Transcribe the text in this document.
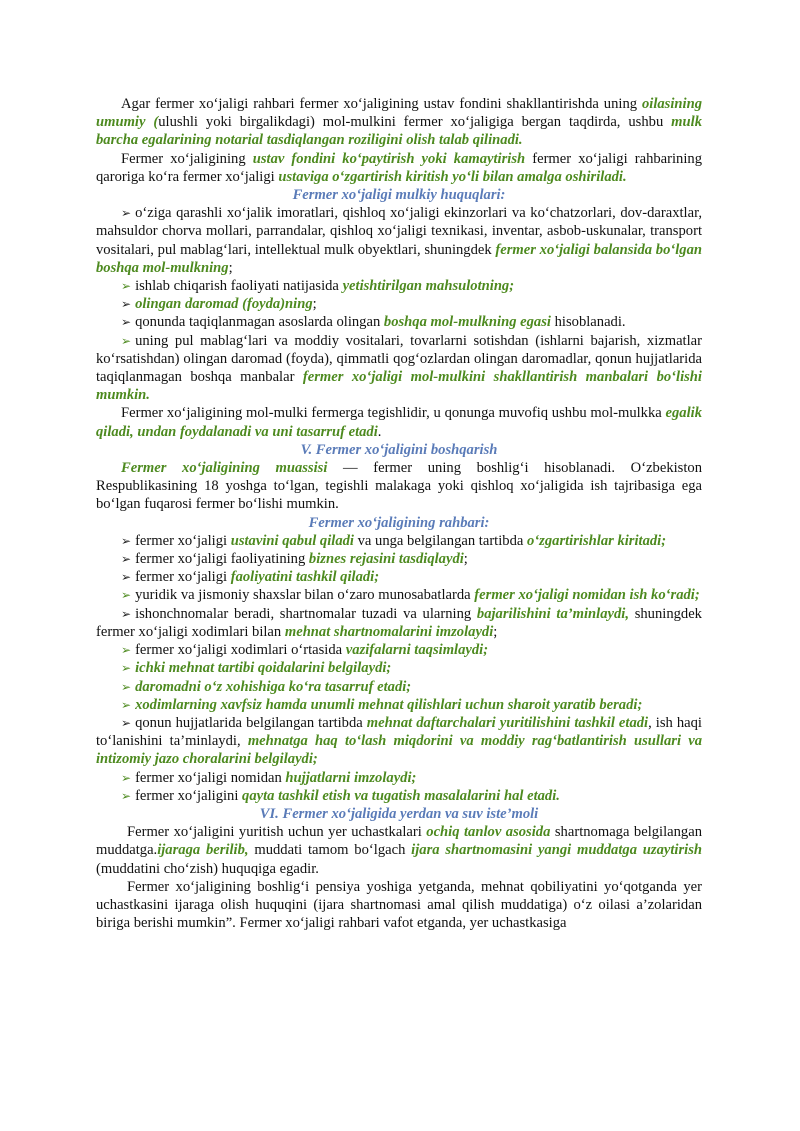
Agar fermer xo‘jaligi rahbari fermer xo‘jaligining ustav fondini shakllantirishda uning oilasining umumiy (ulushli yoki birgalikdagi) mol-mulkini fermer xo‘jaligiga bergan taqdirda, ushbu mulk barcha egalarining notarial tasdiqlangan roziligini olish talab qilinadi.

Fermer xo‘jaligining ustav fondini ko‘paytirish yoki kamaytirish fermer xo‘jaligi rahbarining qaroriga ko‘ra fermer xo‘jaligi ustaviga o‘zgartirish kiritish yo‘li bilan amalga oshiriladi.

Fermer xo‘jaligi mulkiy huquqlari:

➢ o‘ziga qarashli xo‘jalik imoratlari, qishloq xo‘jaligi ekinzorlari va ko‘chatzorlari, dov-daraxtlar, mahsuldor chorva mollari, parrandalar, qishloq xo‘jaligi texnikasi, inventar, asbob-uskunalar, transport vositalari, pul mablag‘lari, intellektual mulk obyektlari, shuningdek fermer xo‘jaligi balansida bo‘lgan boshqa mol-mulkning;

➢ ishlab chiqarish faoliyati natijasida yetishtirilgan mahsulotning;

➢ olingan daromad (foyda)ning;

➢ qonunda taqiqlanmagan asoslarda olingan boshqa mol-mulkning egasi hisoblanadi.

➢ uning pul mablag‘lari va moddiy vositalari, tovarlarni sotishdan (ishlarni bajarish, xizmatlar ko‘rsatishdan) olingan daromad (foyda), qimmatli qog‘ozlardan olingan daromadlar, qonun hujjatlarida taqiqlanmagan boshqa manbalar fermer xo‘jaligi mol-mulkini shakllantirish manbalari bo‘lishi mumkin.

Fermer xo‘jaligining mol-mulki fermerga tegishlidir, u qonunga muvofiq ushbu mol-mulkka egalik qiladi, undan foydalanadi va uni tasarruf etadi.

V. Fermer xo‘jaligini boshqarish

Fermer xo‘jaligining muassisi — fermer uning boshlig‘i hisoblanadi. O‘zbekiston Respublikasining 18 yoshga to‘lgan, tegishli malakaga yoki qishloq xo‘jaligida ish tajribasiga ega bo‘lgan fuqarosi fermer bo‘lishi mumkin.

Fermer xo‘jaligining rahbari:

➢ fermer xo‘jaligi ustavini qabul qiladi va unga belgilangan tartibda o‘zgartirishlar kiritadi;

➢ fermer xo‘jaligi faoliyatining biznes rejasini tasdiqlaydi;

➢ fermer xo‘jaligi faoliyatini tashkil qiladi;

➢ yuridik va jismoniy shaxslar bilan o‘zaro munosabatlarda fermer xo‘jaligi nomidan ish ko‘radi;

➢ ishonchnomalar beradi, shartnomalar tuzadi va ularning bajarilishini ta’minlaydi, shuningdek fermer xo‘jaligi xodimlari bilan mehnat shartnomalarini imzolaydi;

➢ fermer xo‘jaligi xodimlari o‘rtasida vazifalarni taqsimlaydi;

➢ ichki mehnat tartibi qoidalarini belgilaydi;

➢ daromadni o‘z xohishiga ko‘ra tasarruf etadi;

➢ xodimlarning xavfsiz hamda unumli mehnat qilishlari uchun sharoit yaratib beradi;

➢ qonun hujjatlarida belgilangan tartibda mehnat daftarchalari yuritilishini tashkil etadi, ish haqi to‘lanishini ta’minlaydi, mehnatga haq to‘lash miqdorini va moddiy rag‘batlantirish usullari va intizomiy jazo choralarini belgilaydi;

➢ fermer xo‘jaligi nomidan hujjatlarni imzolaydi;

➢ fermer xo‘jaligini qayta tashkil etish va tugatish masalalarini hal etadi.

VI. Fermer xo‘jaligida yerdan va suv iste’moli

Fermer xo‘jaligini yuritish uchun yer uchastkalari ochiq tanlov asosida shartnomaga belgilangan muddatga.ijaraga berilib, muddati tamom bo‘lgach ijara shartnomasini yangi muddatga uzaytirish (muddatini cho‘zish) huquqiga egadir.

Fermer xo‘jaligining boshlig‘i pensiya yoshiga yetganda, mehnat qobiliyatini yo‘qotganda yer uchastkasini ijaraga olish huquqini (ijara shartnomasi amal qilish muddatiga) o‘z oilasi a’zolaridan biriga berishi mumkin”. Fermer xo‘jaligi rahbari vafot etganda, yer uchastkasiga
